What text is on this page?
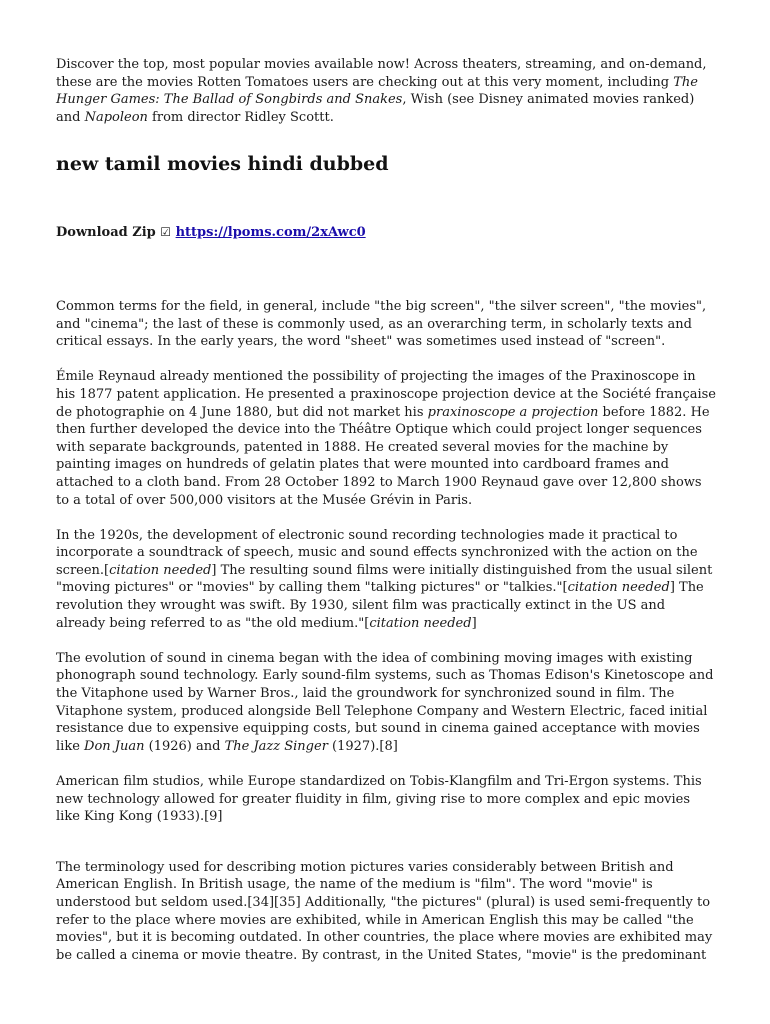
Discover the top, most popular movies available now! Across theaters, streaming, and on-demand, these are the movies Rotten Tomatoes users are checking out at this very moment, including The Hunger Games: The Ballad of Songbirds and Snakes, Wish (see Disney animated movies ranked) and Napoleon from director Ridley Scottt.

new tamil movies hindi dubbed

Download Zip ☑ https://lpoms.com/2xAwc0

Common terms for the field, in general, include "the big screen", "the silver screen", "the movies", and "cinema"; the last of these is commonly used, as an overarching term, in scholarly texts and critical essays. In the early years, the word "sheet" was sometimes used instead of "screen".

Émile Reynaud already mentioned the possibility of projecting the images of the Praxinoscope in his 1877 patent application. He presented a praxinoscope projection device at the Société française de photographie on 4 June 1880, but did not market his praxinoscope a projection before 1882. He then further developed the device into the Théâtre Optique which could project longer sequences with separate backgrounds, patented in 1888. He created several movies for the machine by painting images on hundreds of gelatin plates that were mounted into cardboard frames and attached to a cloth band. From 28 October 1892 to March 1900 Reynaud gave over 12,800 shows to a total of over 500,000 visitors at the Musée Grévin in Paris.

In the 1920s, the development of electronic sound recording technologies made it practical to incorporate a soundtrack of speech, music and sound effects synchronized with the action on the screen.[citation needed] The resulting sound films were initially distinguished from the usual silent "moving pictures" or "movies" by calling them "talking pictures" or "talkies."[citation needed] The revolution they wrought was swift. By 1930, silent film was practically extinct in the US and already being referred to as "the old medium."[citation needed]

The evolution of sound in cinema began with the idea of combining moving images with existing phonograph sound technology. Early sound-film systems, such as Thomas Edison's Kinetoscope and the Vitaphone used by Warner Bros., laid the groundwork for synchronized sound in film. The Vitaphone system, produced alongside Bell Telephone Company and Western Electric, faced initial resistance due to expensive equipping costs, but sound in cinema gained acceptance with movies like Don Juan (1926) and The Jazz Singer (1927).[8]

American film studios, while Europe standardized on Tobis-Klangfilm and Tri-Ergon systems. This new technology allowed for greater fluidity in film, giving rise to more complex and epic movies like King Kong (1933).[9]

The terminology used for describing motion pictures varies considerably between British and American English. In British usage, the name of the medium is "film". The word "movie" is understood but seldom used.[34][35] Additionally, "the pictures" (plural) is used semi-frequently to refer to the place where movies are exhibited, while in American English this may be called "the movies", but it is becoming outdated. In other countries, the place where movies are exhibited may be called a cinema or movie theatre. By contrast, in the United States, "movie" is the predominant
